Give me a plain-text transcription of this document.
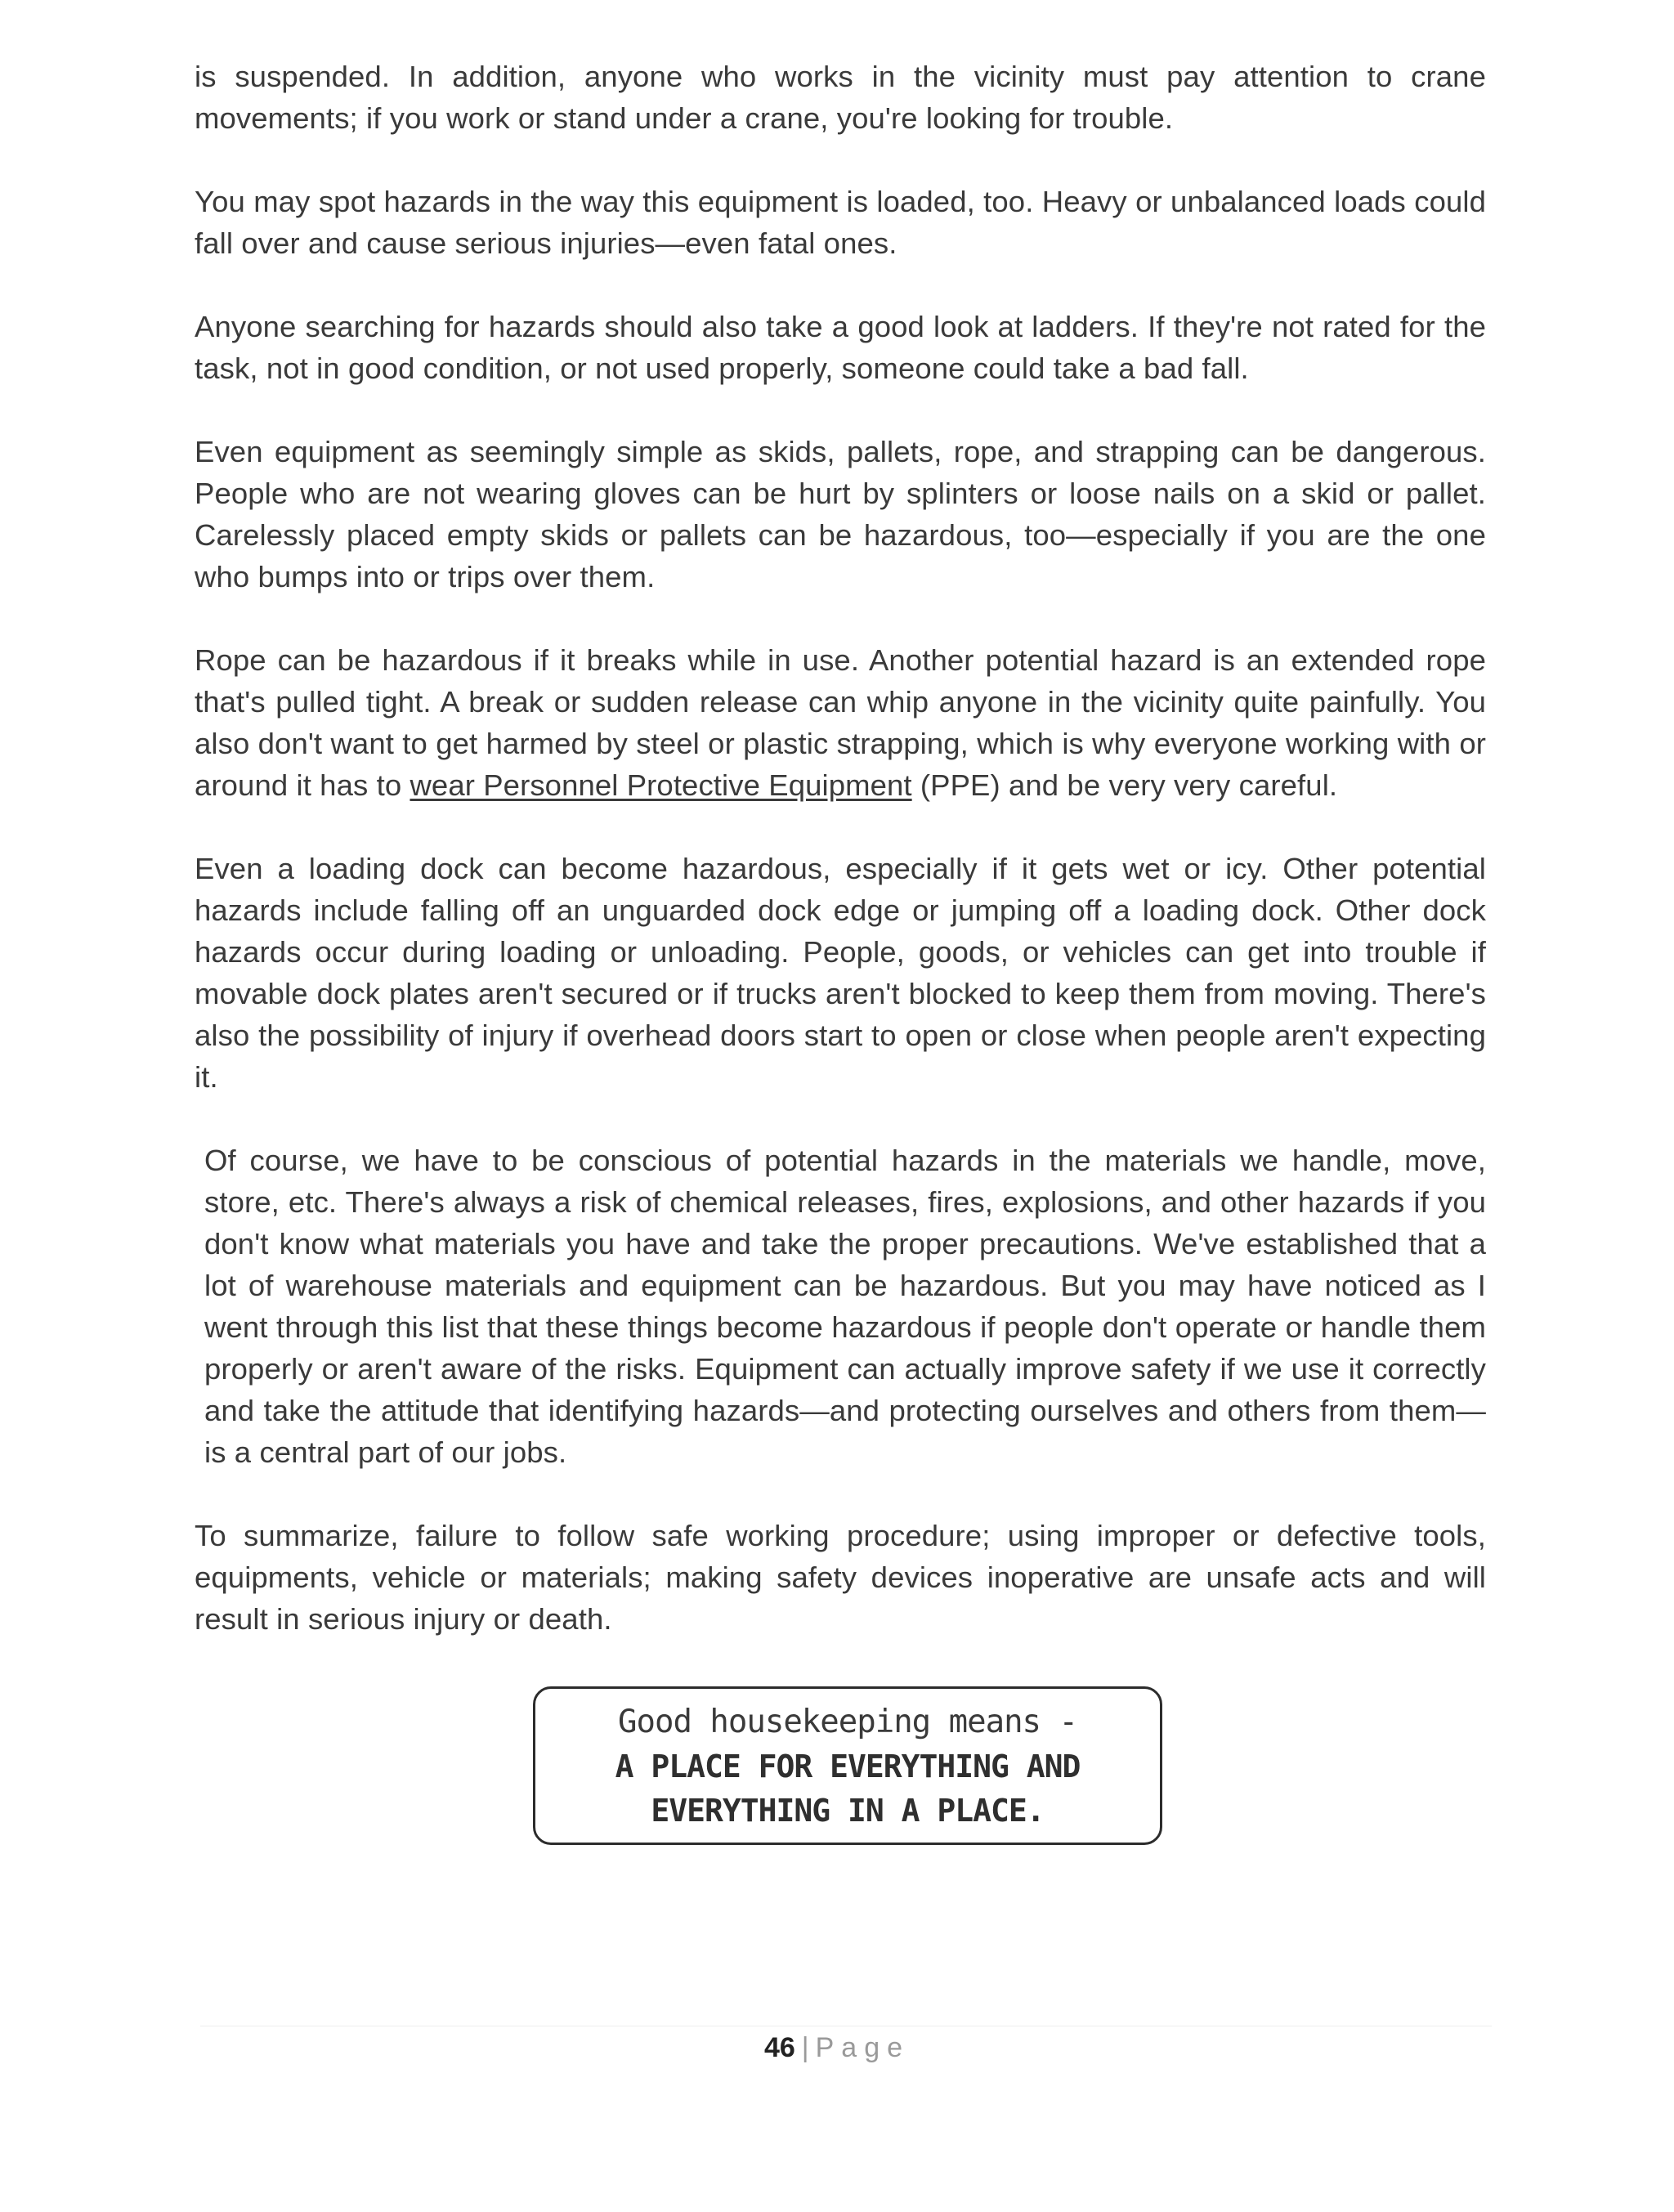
is suspended. In addition, anyone who works in the vicinity must pay attention to crane movements; if you work or stand under a crane, you're looking for trouble.

You may spot hazards in the way this equipment is loaded, too. Heavy or unbalanced loads could fall over and cause serious injuries—even fatal ones.

Anyone searching for hazards should also take a good look at ladders. If they're not rated for the task, not in good condition, or not used properly, someone could take a bad fall.

Even equipment as seemingly simple as skids, pallets, rope, and strapping can be dangerous. People who are not wearing gloves can be hurt by splinters or loose nails on a skid or pallet. Carelessly placed empty skids or pallets can be hazardous, too—especially if you are the one who bumps into or trips over them.

Rope can be hazardous if it breaks while in use. Another potential hazard is an extended rope that's pulled tight. A break or sudden release can whip anyone in the vicinity quite painfully. You also don't want to get harmed by steel or plastic strapping, which is why everyone working with or around it has to wear Personnel Protective Equipment (PPE) and be very very careful.

Even a loading dock can become hazardous, especially if it gets wet or icy. Other potential hazards include falling off an unguarded dock edge or jumping off a loading dock. Other dock hazards occur during loading or unloading. People, goods, or vehicles can get into trouble if movable dock plates aren't secured or if trucks aren't blocked to keep them from moving. There's also the possibility of injury if overhead doors start to open or close when people aren't expecting it.

Of course, we have to be conscious of potential hazards in the materials we handle, move, store, etc. There's always a risk of chemical releases, fires, explosions, and other hazards if you don't know what materials you have and take the proper precautions. We've established that a lot of warehouse materials and equipment can be hazardous. But you may have noticed as I went through this list that these things become hazardous if people don't operate or handle them properly or aren't aware of the risks. Equipment can actually improve safety if we use it correctly and take the attitude that identifying hazards—and protecting ourselves and others from them—is a central part of our jobs.

To summarize, failure to follow safe working procedure; using improper or defective tools, equipments, vehicle or materials; making safety devices inoperative are unsafe acts and will result in serious injury or death.

Good housekeeping means -
A PLACE FOR EVERYTHING AND
EVERYTHING IN A PLACE.
46 | Page
